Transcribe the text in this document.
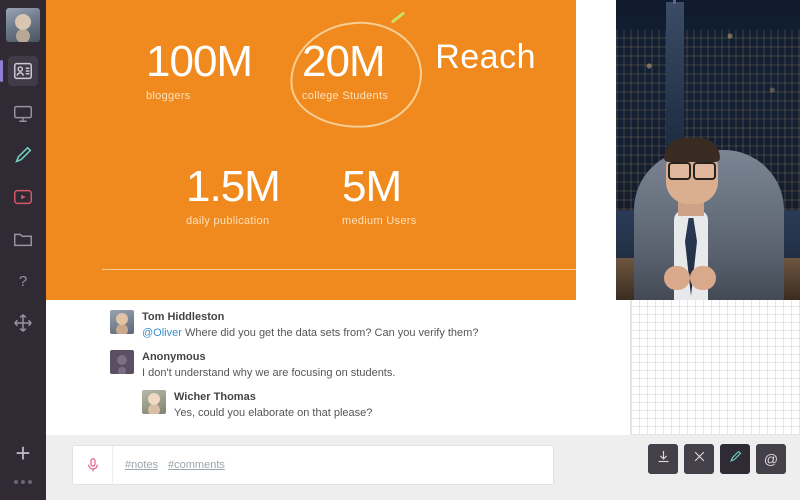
?
+
Reach
100M
bloggers
20M
college Students
1.5M
daily publication
5M
medium Users
Tom Hiddleston
@Oliver Where did you get the data sets from? Can you verify them?
Anonymous
I don't understand why we are focusing on students.
Wicher Thomas
Yes, could you elaborate on that please?
#notes #comments	@
